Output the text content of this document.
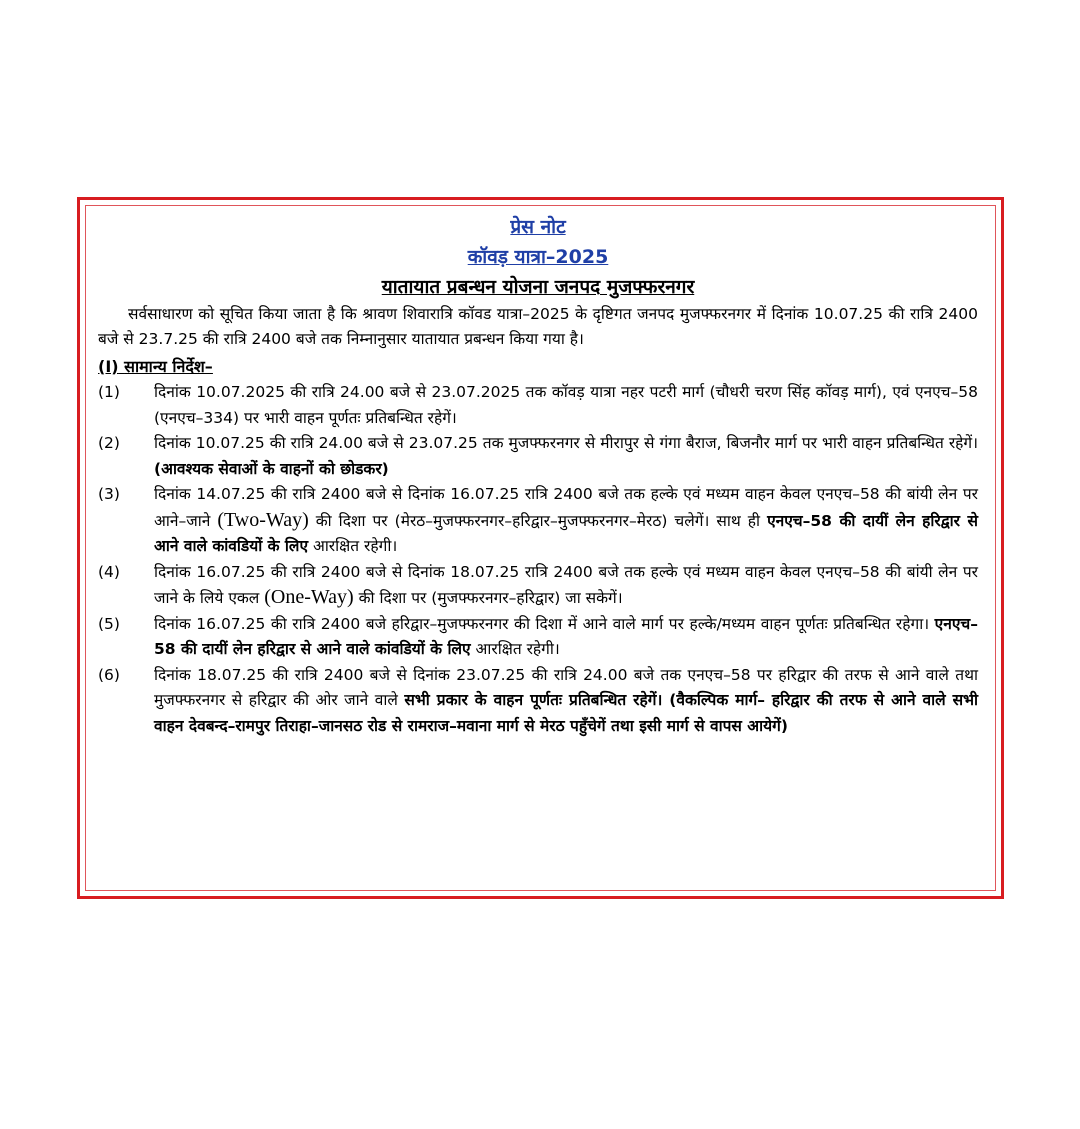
प्रेस नोट
कॉवड़ यात्रा–2025
यातायात प्रबन्धन योजना जनपद मुजफ्फरनगर
सर्वसाधारण को सूचित किया जाता है कि श्रावण शिवारात्रि कॉवड यात्रा–2025 के दृष्टिगत जनपद मुजफ्फरनगर में दिनांक 10.07.25 की रात्रि 2400 बजे से 23.7.25 की रात्रि 2400 बजे तक निम्नानुसार यातायात प्रबन्धन किया गया है।
(I) सामान्य निर्देश–
(1)	दिनांक 10.07.2025 की रात्रि 24.00 बजे से 23.07.2025 तक कॉवड़ यात्रा नहर पटरी मार्ग (चौधरी चरण सिंह कॉवड़ मार्ग), एवं एनएच–58 (एनएच–334) पर भारी वाहन पूर्णतः प्रतिबन्धित रहेगें।
(2)	दिनांक 10.07.25 की रात्रि 24.00 बजे से 23.07.25 तक मुजफ्फरनगर से मीरापुर से गंगा बैराज, बिजनौर मार्ग पर भारी वाहन प्रतिबन्धित रहेगें। (आवश्यक सेवाओं के वाहनों को छोडकर)
(3)	दिनांक 14.07.25 की रात्रि 2400 बजे से दिनांक 16.07.25 रात्रि 2400 बजे तक हल्के एवं मध्यम वाहन केवल एनएच–58 की बांयी लेन पर आने–जाने (Two-Way) की दिशा पर (मेरठ–मुजफ्फरनगर–हरिद्वार–मुजफ्फरनगर–मेरठ) चलेगें। साथ ही एनएच–58 की दायीं लेन हरिद्वार से आने वाले कांवडियों के लिए आरक्षित रहेगी।
(4)	दिनांक 16.07.25 की रात्रि 2400 बजे से दिनांक 18.07.25 रात्रि 2400 बजे तक हल्के एवं मध्यम वाहन केवल एनएच–58 की बांयी लेन पर जाने के लिये एकल (One-Way) की दिशा पर (मुजफ्फरनगर–हरिद्वार) जा सकेगें।
(5)	दिनांक 16.07.25 की रात्रि 2400 बजे हरिद्वार–मुजफ्फरनगर की दिशा में आने वाले मार्ग पर हल्के/मध्यम वाहन पूर्णतः प्रतिबन्धित रहेगा। एनएच–58 की दायीं लेन हरिद्वार से आने वाले कांवडियों के लिए आरक्षित रहेगी।
(6)	दिनांक 18.07.25 की रात्रि 2400 बजे से दिनांक 23.07.25 की रात्रि 24.00 बजे तक एनएच–58 पर हरिद्वार की तरफ से आने वाले तथा मुजफ्फरनगर से हरिद्वार की ओर जाने वाले सभी प्रकार के वाहन पूर्णतः प्रतिबन्धित रहेगें। (वैकल्पिक मार्ग– हरिद्वार की तरफ से आने वाले सभी वाहन देवबन्द–रामपुर तिराहा–जानसठ रोड से रामराज–मवाना मार्ग से मेरठ पहुँचेगें तथा इसी मार्ग से वापस आयेगें)
